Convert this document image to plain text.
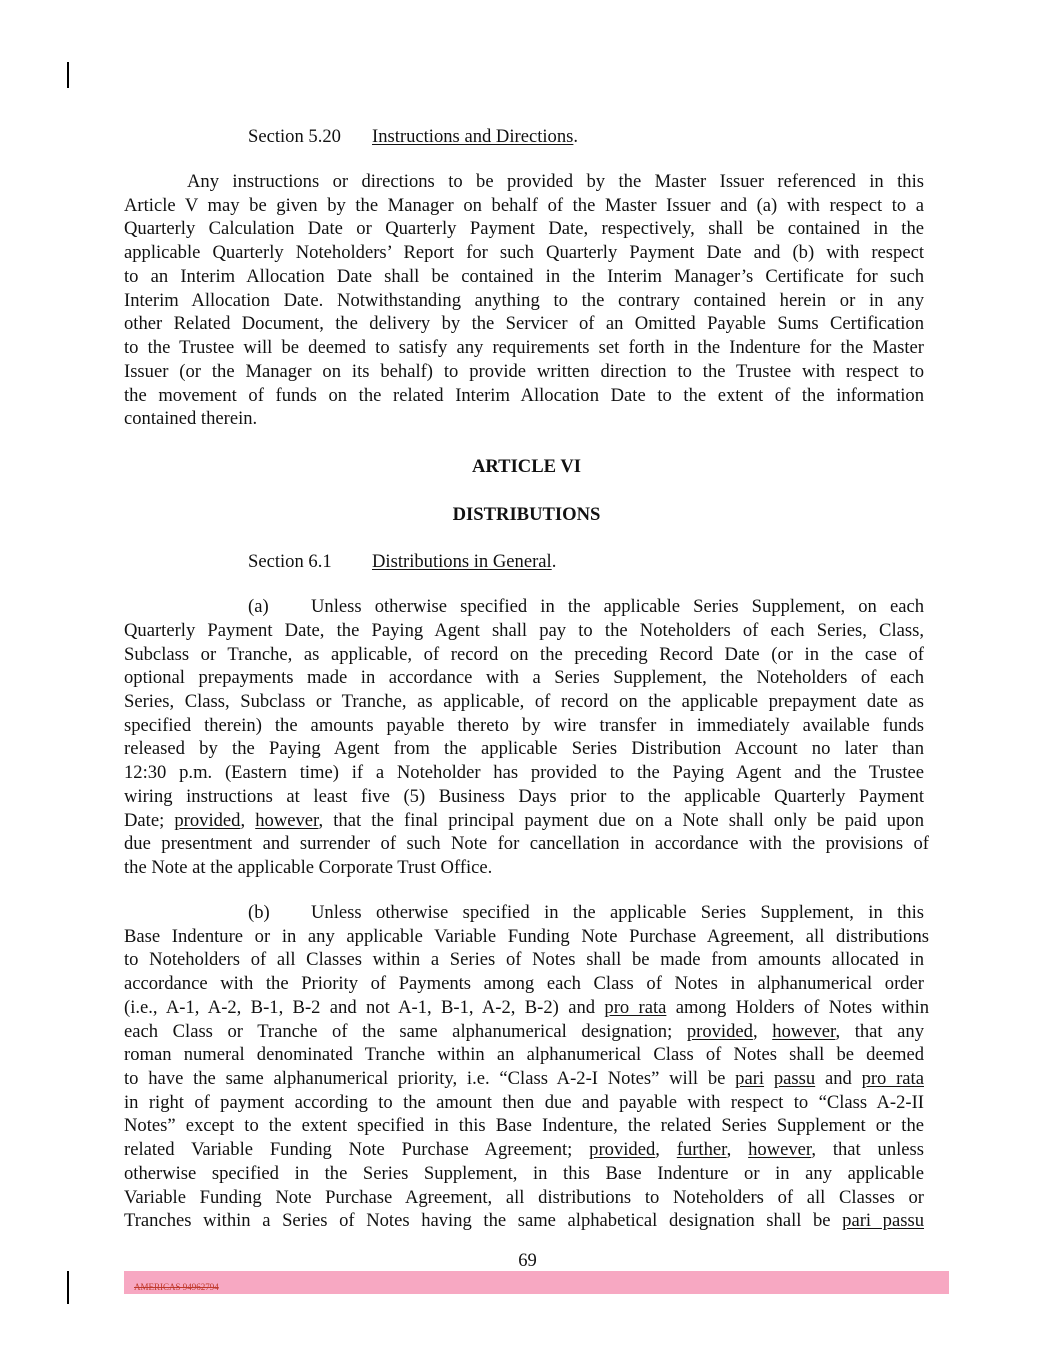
Section 5.20 Instructions and Directions.
Any instructions or directions to be provided by the Master Issuer referenced in this
Article V may be given by the Manager on behalf of the Master Issuer and (a) with respect to a
Quarterly Calculation Date or Quarterly Payment Date, respectively, shall be contained in the
applicable Quarterly Noteholders’ Report for such Quarterly Payment Date and (b) with respect
to an Interim Allocation Date shall be contained in the Interim Manager’s Certificate for such
Interim Allocation Date. Notwithstanding anything to the contrary contained herein or in any
other Related Document, the delivery by the Servicer of an Omitted Payable Sums Certification
to the Trustee will be deemed to satisfy any requirements set forth in the Indenture for the Master
Issuer (or the Manager on its behalf) to provide written direction to the Trustee with respect to
the movement of funds on the related Interim Allocation Date to the extent of the information
contained therein.
ARTICLE VI
DISTRIBUTIONS
Section 6.1 Distributions in General.
(a) Unless otherwise specified in the applicable Series Supplement, on each
Quarterly Payment Date, the Paying Agent shall pay to the Noteholders of each Series, Class,
Subclass or Tranche, as applicable, of record on the preceding Record Date (or in the case of
optional prepayments made in accordance with a Series Supplement, the Noteholders of each
Series, Class, Subclass or Tranche, as applicable, of record on the applicable prepayment date as
specified therein) the amounts payable thereto by wire transfer in immediately available funds
released by the Paying Agent from the applicable Series Distribution Account no later than
12:30 p.m. (Eastern time) if a Noteholder has provided to the Paying Agent and the Trustee
wiring instructions at least five (5) Business Days prior to the applicable Quarterly Payment
Date; provided, however, that the final principal payment due on a Note shall only be paid upon
due presentment and surrender of such Note for cancellation in accordance with the provisions of
the Note at the applicable Corporate Trust Office.
(b) Unless otherwise specified in the applicable Series Supplement, in this
Base Indenture or in any applicable Variable Funding Note Purchase Agreement, all distributions
to Noteholders of all Classes within a Series of Notes shall be made from amounts allocated in
accordance with the Priority of Payments among each Class of Notes in alphanumerical order
(i.e., A-1, A-2, B-1, B-2 and not A-1, B-1, A-2, B-2) and pro rata among Holders of Notes within
each Class or Tranche of the same alphanumerical designation; provided, however, that any
roman numeral denominated Tranche within an alphanumerical Class of Notes shall be deemed
to have the same alphanumerical priority, i.e. “Class A-2-I Notes” will be pari passu and pro rata
in right of payment according to the amount then due and payable with respect to “Class A-2-II
Notes” except to the extent specified in this Base Indenture, the related Series Supplement or the
related Variable Funding Note Purchase Agreement; provided, further, however, that unless
otherwise specified in the Series Supplement, in this Base Indenture or in any applicable
Variable Funding Note Purchase Agreement, all distributions to Noteholders of all Classes or
Tranches within a Series of Notes having the same alphabetical designation shall be pari passu
69
AMERICAS 94962794
